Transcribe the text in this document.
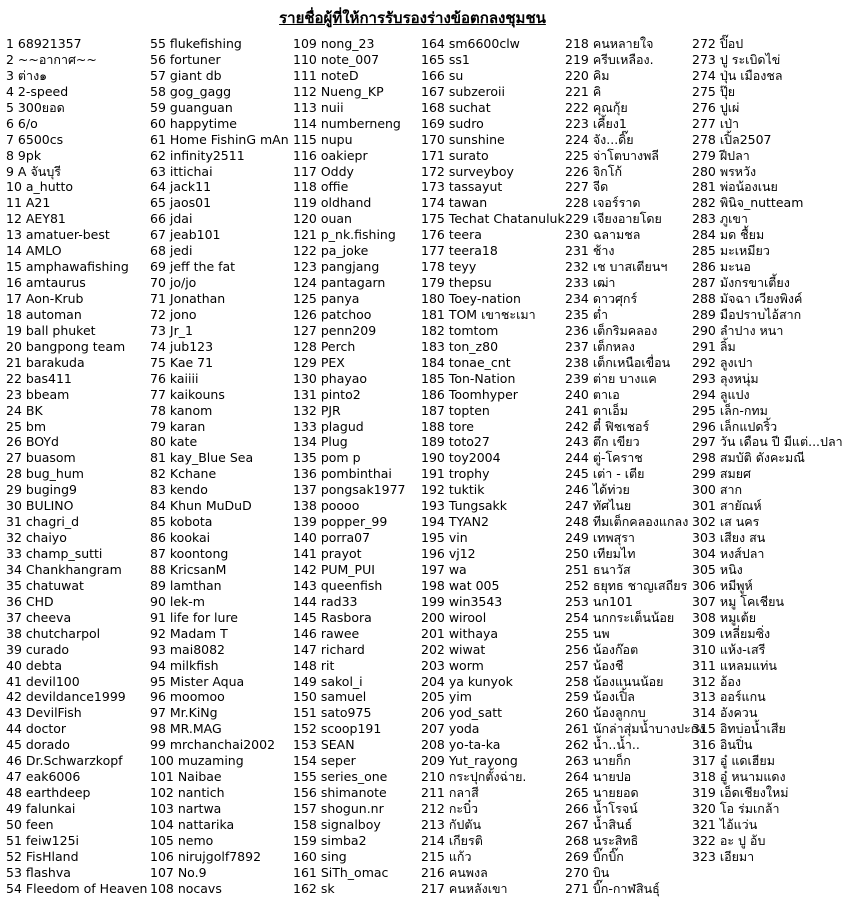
รายชื่อผู้ที่ให้การรับรองร่างข้อตกลงชุมชน
1 68921357
2 ~~อากาศ~~
3 ต่าง๑
4 2-speed
5 300ยอด
6 6/o
7 6500cs
8 9pk
9 A จันบุรี
10 a_hutto
11 A21
12 AEY81
13 amatuer-best
14 AMLO
15 amphawafishing
16 amtaurus
17 Aon-Krub
18 automan
19 ball phuket
20 bangpong team
21 barakuda
22 bas411
23 bbeam
24 BK
25 bm
26 BOYd
27 buasom
28 bug_hum
29 buging9
30 BULINO
31 chagri_d
32 chaiyo
33 champ_sutti
34 Chankhangram
35 chatuwat
36 CHD
37 cheeva
38 chutcharpol
39 curado
40 debta
41 devil100
42 devildance1999
43 DevilFish
44 doctor
45 dorado
46 Dr.Schwarzkopf
47 eak6006
48 earthdeep
49 falunkai
50 feen
51 feiw125i
52 FisHland
53 flashva
54 Fleedom of Heaven
55 flukefishing
56 fortuner
57 giant db
58 gog_gagg
59 guanguan
60 happytime
61 Home FishinG mAn
62 infinity2511
63 ittichai
64 jack11
65 jaos01
66 jdai
67 jeab101
68 jedi
69 jeff the fat
70 jo/jo
71 Jonathan
72 jono
73 Jr_1
74 jub123
75 Kae 71
76 kaiiii
77 kaikouns
78 kanom
79 karan
80 kate
81 kay_Blue Sea
82 Kchane
83 kendo
84 Khun MuDuD
85 kobota
86 kookai
87 koontong
88 KricsanM
89 lamthan
90 lek-m
91 life for lure
92 Madam T
93 mai8082
94 milkfish
95 Mister Aqua
96 moomoo
97 Mr.KiNg
98 MR.MAG
99 mrchanchai2002
100 muzaming
101 Naibae
102 nantich
103 nartwa
104 nattarika
105 nemo
106 nirujgolf7892
107 No.9
108 nocavs
109 nong_23
110 note_007
111 noteD
112 Nueng_KP
113 nuii
114 numberneng
115 nupu
116 oakiepr
117 Oddy
118 offie
119 oldhand
120 ouan
121 p_nk.fishing
122 pa_joke
123 pangjang
124 pantagarn
125 panya
126 patchoo
127 penn209
128 Perch
129 PEX
130 phayao
131 pinto2
132 PJR
133 plagud
134 Plug
135 pom p
136 pombinthai
137 pongsak1977
138 poooo
139 popper_99
140 porra07
141 prayot
142 PUM_PUI
143 queenfish
144 rad33
145 Rasbora
146 rawee
147 richard
148 rit
149 sakol_i
150 samuel
151 sato975
152 scoop191
153 SEAN
154 seper
155 series_one
156 shimanote
157 shogun.nr
158 signalboy
159 simba2
160 sing
161 SiTh_omac
162 sk
164 sm6600clw
165 ss1
166 su
167 subzeroii
168 suchat
169 sudro
170 sunshine
171 surato
172 surveyboy
173 tassayut
174 tawan
175 Techat Chatanuluk
176 teera
177 teera18
178 teyy
179 thepsu
180 Toey-nation
181 TOM เขาชะเมา
182 tomtom
183 ton_z80
184 tonae_cnt
185 Ton-Nation
186 Toomhyper
187 topten
188 tore
189 toto27
190 toy2004
191 trophy
192 tuktik
193 Tungsakk
194 TYAN2
195 vin
196 vj12
197 wa
198 wat 005
199 win3543
200 wirool
201 withaya
202 wiwat
203 worm
204 ya kunyok
205 yim
206 yod_satt
207 yoda
208 yo-ta-ka
209 Yut_rayong
210 กระปุกตั้งฉ่าย.
211 กลาสี
212 กะบิ๋ว
213 กัปตัน
214 เกียรติ
215 แก้ว
216 คนพงล
217 คนหลังเขา
218 คนหลายใจ
219 ครีบเหลือง.
220 คิม
221 คิ
222 คุณกุ้ย
223 เคี้ยง1
224 จัง...ดิ๊ย
225 จ่าโตบางพลี
226 จิกโก้
227 จีด
228 เจอร์ราด
229 เจียงอายโดย
230 ฉลามชล
231 ช้าง
232 เช บาสเตียนฯ
233 เฒ่า
234 ดาวศุกร์
235 ต่ำ
236 เต็กริมคลอง
237 เต็กหลง
238 เต็กเหนือเขื่อน
239 ต่าย บางแค
240 ตาเอ
241 ตาเอ็ม
242 ตี๋ ฟิชเชอร์
243 ตึก เขียว
244 ตู่-โคราช
245 เต่า - เตีย
246 ได้ท่วย
247 ทัศไนย
248 ทีมเต็กคลองแกลง
249 เทพสุรา
250 เทียมไท
251 ธนาวัส
252 ธยุทธ ชาญเสถียร
253 นก101
254 นกกระเต็นน้อย
255 นพ
256 น้องก๊อต
257 น้องชี
258 น้องแนนน้อย
259 น้องเปิ้ล
260 น้องลูกกบ
261 นักล่าสุ่มน้ำบางปะกง
262 น้ำ..น้ำ..
263 นายก็ก
264 นายปอ
265 นายยอด
266 น้ำโรจน์
267 น้ำสินธ์
268 นระสิทธิ
269 บิ๊กบิ๊ก
270 บิน
271 บิ๊ก-กาฬสินธุ์
272 ปิ๊อป
273 ปู ระเบิดไข่
274 ปุ่น เมืองชล
275 ปุ๊ย
276 ปูเผ่
277 เป่า
278 เปิ้ล2507
279 ฝีปลา
280 พรหวัง
281 พ่อน้องเนย
282 พินิจ_nutteam
283 ภูเขา
284 มด ชื้ยม
285 มะเหมียว
286 มะนอ
287 มังกรขาเตี้ยง
288 มัจฉา เวียงพิงค์
289 มือปราบไอ้สาก
290 ลำปาง หนา
291 ลิ้ม
292 ลูงเปา
293 ลุงหนุ่ม
294 ลูแปง
295 เล็ก-กทม
296 เล็กแปดริ้ว
297 วัน เดือน ปี มีแต่...ปลา
298 สมบัติ ดังคะมณี
299 สมยศ
300 สาก
301 สายัณห์
302 เส นคร
303 เสียง สน
304 หงส์ปลา
305 หนิง
306 หมีพูห์
307 หมู โคเชียน
308 หมูเต้ย
309 เหลี่ยมซิ่ง
310 แห้ง-เสรี
311 แหลมแท่น
312 อ้อง
313 ออร์แกน
314 อังควน
315 อิทบ่อน้ำเสีย
316 อินปิ่น
317 อู๋ แดเฮียม
318 อู๋ หนามแดง
319 เอ็ดเชียงใหม่
320 โอ ร่มเกล้า
321 ไอ้แว่น
322 อะ ปู อ้บ
323 เอียมา
